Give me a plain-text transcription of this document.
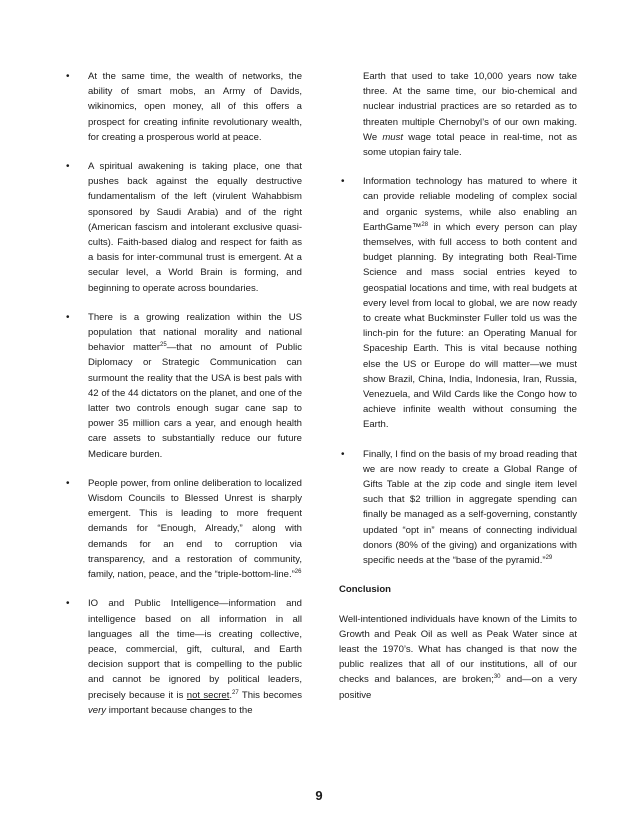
• At the same time, the wealth of networks, the ability of smart mobs, an Army of Davids, wikinomics, open money, all of this offers a prospect for creating infinite revolutionary wealth, for creating a prosperous world at peace.
• A spiritual awakening is taking place, one that pushes back against the equally destructive fundamentalism of the left (virulent Wahabbism sponsored by Saudi Arabia) and of the right (American fascism and intolerant exclusive quasi-cults). Faith-based dialog and respect for faith as a basis for inter-communal trust is emergent. At a secular level, a World Brain is forming, and beginning to operate across boundaries.
• There is a growing realization within the US population that national morality and national behavior matter$^{25}$—that no amount of Public Diplomacy or Strategic Communication can surmount the reality that the USA is best pals with 42 of the 44 dictators on the planet, and one of the latter two controls enough sugar cane sap to power 35 million cars a year, and enough health care assets to substantially reduce our future Medicare burden.
• People power, from online deliberation to localized Wisdom Councils to Blessed Unrest is sharply emergent. This is leading to more frequent demands for “Enough, Already,” along with demands for an end to corruption via transparency, and a restoration of community, family, nation, peace, and the “triple-bottom-line.”$^{26}$
• IO and Public Intelligence—information and intelligence based on all information in all languages all the time—is creating collective, peace, commercial, gift, cultural, and Earth decision support that is compelling to the public and cannot be ignored by political leaders, precisely because it is not secret.$^{27}$ This becomes very important because changes to the

Earth that used to take 10,000 years now take three. At the same time, our bio-chemical and nuclear industrial practices are so retarded as to threaten multiple Chernobyl’s of our own making. We must wage total peace in real-time, not as some utopian fairy tale.

• Information technology has matured to where it can provide reliable modeling of complex social and organic systems, while also enabling an EarthGame™$^{28}$ in which every person can play themselves, with full access to both content and budget planning. By integrating both Real-Time Science and mass social entries keyed to geospatial locations and time, with real budgets at every level from local to global, we are now ready to create what Buckminster Fuller told us was the linch-pin for the future: an Operating Manual for Spaceship Earth. This is vital because nothing else the US or Europe do will matter—we must show Brazil, China, India, Indonesia, Iran, Russia, Venezuela, and Wild Cards like the Congo how to achieve infinite wealth without consuming the Earth.
• Finally, I find on the basis of my broad reading that we are now ready to create a Global Range of Gifts Table at the zip code and single item level such that $2 trillion in aggregate spending can finally be managed as a self-governing, constantly updated “opt in” means of connecting individual donors (80% of the giving) and organizations with specific needs at the “base of the pyramid.”$^{29}$

Conclusion

Well-intentioned individuals have known of the Limits to Growth and Peak Oil as well as Peak Water since at least the 1970’s. What has changed is that now the public realizes that all of our institutions, all of our checks and balances, are broken;$^{30}$ and—on a very positive

9
